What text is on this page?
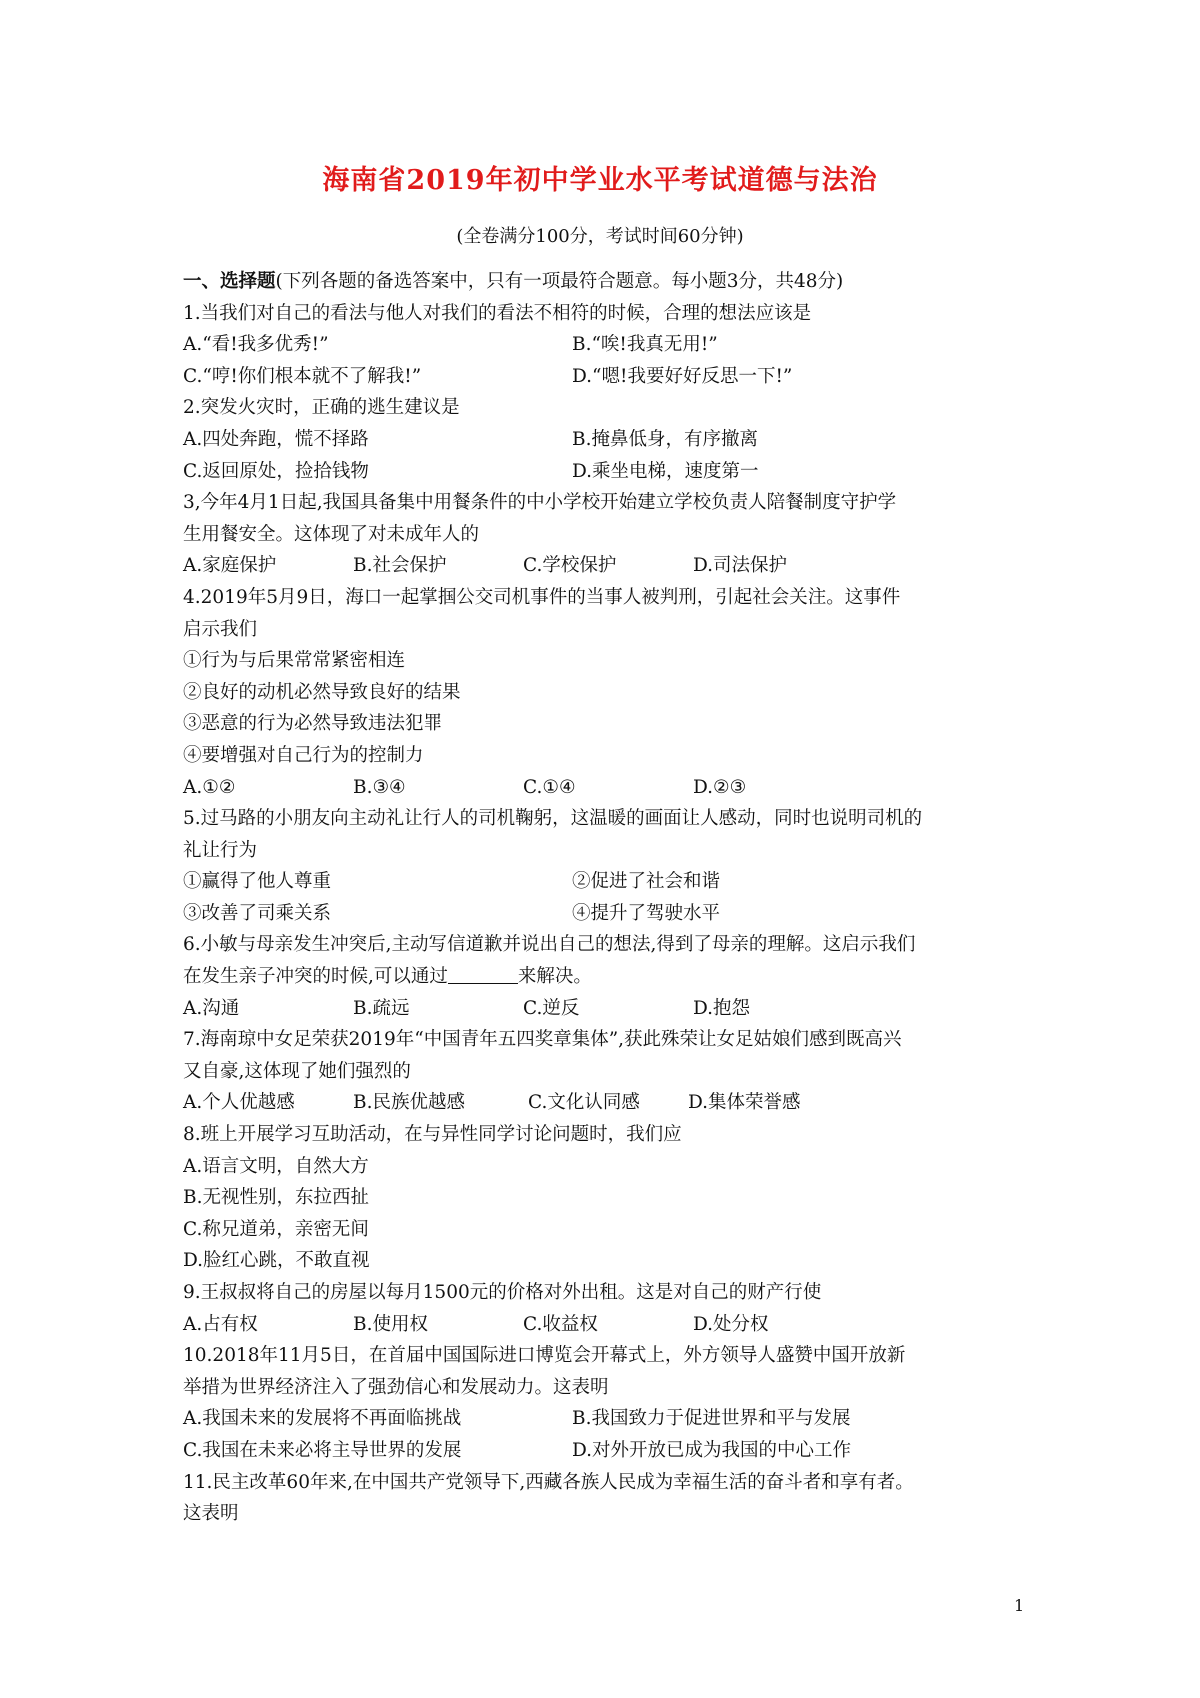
海南省2019年初中学业水平考试道德与法治
(全卷满分100分，考试时间60分钟)
一、选择题(下列各题的备选答案中，只有一项最符合题意。每小题3分，共48分)
1.当我们对自己的看法与他人对我们的看法不相符的时候，合理的想法应该是
A.“看!我多优秀!”	B.“唉!我真无用!”
C.“哼!你们根本就不了解我!”	D.“嗯!我要好好反思一下!”
2.突发火灾时，正确的逃生建议是
A.四处奔跑，慌不择路	B.掩鼻低身，有序撤离
C.返回原处，捡拾钱物	D.乘坐电梯，速度第一
3,今年4月1日起,我国具备集中用餐条件的中小学校开始建立学校负责人陪餐制度守护学
生用餐安全。这体现了对未成年人的
A.家庭保护	B.社会保护	C.学校保护	D.司法保护
4.2019年5月9日，海口一起掌掴公交司机事件的当事人被判刑，引起社会关注。这事件
启示我们
①行为与后果常常紧密相连
②良好的动机必然导致良好的结果
③恶意的行为必然导致违法犯罪
④要增强对自己行为的控制力
A.①②	B.③④	C.①④	D.②③
5.过马路的小朋友向主动礼让行人的司机鞠躬，这温暖的画面让人感动，同时也说明司机的
礼让行为
①赢得了他人尊重	②促进了社会和谐
③改善了司乘关系	④提升了驾驶水平
6.小敏与母亲发生冲突后,主动写信道歉并说出自己的想法,得到了母亲的理解。这启示我们
在发生亲子冲突的时候,可以通过	来解决。
A.沟通	B.疏远	C.逆反	D.抱怨
7.海南琼中女足荣获2019年“中国青年五四奖章集体”,获此殊荣让女足姑娘们感到既高兴
又自豪,这体现了她们强烈的
A.个人优越感	B.民族优越感	C.文化认同感	D.集体荣誉感
8.班上开展学习互助活动，在与异性同学讨论问题时，我们应
A.语言文明，自然大方
B.无视性别，东拉西扯
C.称兄道弟，亲密无间
D.脸红心跳，不敢直视
9.王叔叔将自己的房屋以每月1500元的价格对外出租。这是对自己的财产行使
A.占有权	B.使用权	C.收益权	D.处分权
10.2018年11月5日，在首届中国国际进口博览会开幕式上，外方领导人盛赞中国开放新
举措为世界经济注入了强劲信心和发展动力。这表明
A.我国未来的发展将不再面临挑战	B.我国致力于促进世界和平与发展
C.我国在未来必将主导世界的发展	D.对外开放已成为我国的中心工作
11.民主改革60年来,在中国共产党领导下,西藏各族人民成为幸福生活的奋斗者和享有者。
这表明
1
